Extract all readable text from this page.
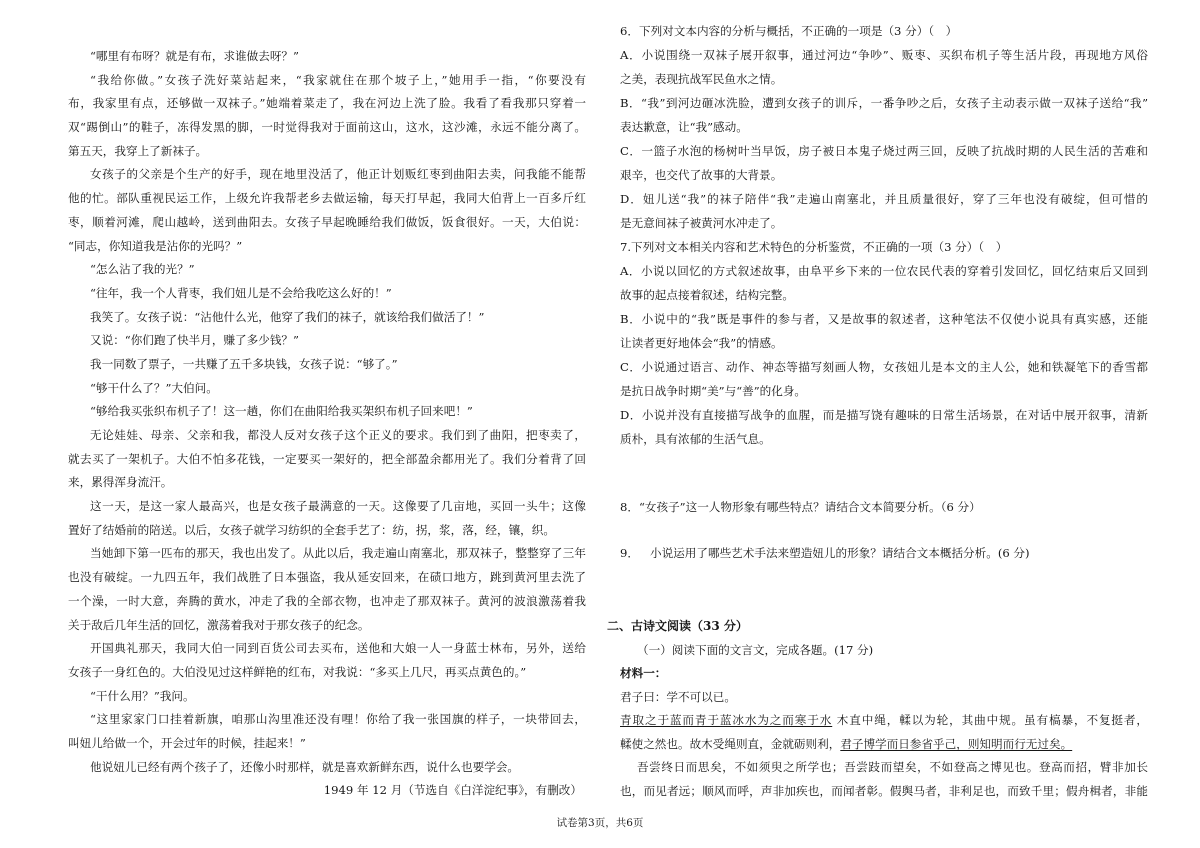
“哪里有布呀？就是有布，求谁做去呀？”
“我给你做。”女孩子洗好菜站起来，“我家就住在那个坡子上，”她用手一指，“你要没有
布，我家里有点，还够做一双袜子。”她端着菜走了，我在河边上洗了脸。我看了看我那只穿着一
双“踢倒山”的鞋子，冻得发黑的脚，一时觉得我对于面前这山，这水，这沙滩，永远不能分离了。
第五天，我穿上了新袜子。
女孩子的父亲是个生产的好手，现在地里没活了，他正计划贩红枣到曲阳去卖，问我能不能帮
他的忙。部队重视民运工作，上级允许我帮老乡去做运输，每天打早起，我同大伯背上一百多斤红
枣，顺着河滩，爬山越岭，送到曲阳去。女孩子早起晚睡给我们做饭，饭食很好。一天，大伯说：
“同志，你知道我是沾你的光吗？”
“怎么沾了我的光？”
“往年，我一个人背枣，我们妞儿是不会给我吃这么好的！”
我笑了。女孩子说：“沾他什么光，他穿了我们的袜子，就该给我们做活了！”
又说：“你们跑了快半月，赚了多少钱？”
我一同数了票子，一共赚了五千多块钱，女孩子说：“够了。”
“够干什么了？”大伯问。
“够给我买张织布机子了！这一趟，你们在曲阳给我买架织布机子回来吧！”
无论娃娃、母亲、父亲和我，都没人反对女孩子这个正义的要求。我们到了曲阳，把枣卖了，
就去买了一架机子。大伯不怕多花钱，一定要买一架好的，把全部盈余都用光了。我们分着背了回
来，累得浑身流汗。
这一天，是这一家人最高兴，也是女孩子最满意的一天。这像要了几亩地，买回一头牛；这像
置好了结婚前的陪送。以后，女孩子就学习纺织的全套手艺了：纺，拐，浆，落，经，镶，织。
当她卸下第一匹布的那天，我也出发了。从此以后，我走遍山南塞北，那双袜子，整整穿了三年
也没有破绽。一九四五年，我们战胜了日本强盗，我从延安回来，在碛口地方，跳到黄河里去洗了
一个澡，一时大意，奔腾的黄水，冲走了我的全部衣物，也冲走了那双袜子。黄河的波浪激荡着我
关于敌后几年生活的回忆，激荡着我对于那女孩子的纪念。
开国典礼那天，我同大伯一同到百货公司去买布，送他和大娘一人一身蓝士林布，另外，送给
女孩子一身红色的。大伯没见过这样鲜艳的红布，对我说：“多买上几尺，再买点黄色的。”
“干什么用？”我问。
“这里家家门口挂着新旗，咱那山沟里准还没有哩！你给了我一张国旗的样子，一块带回去，
叫妞儿给做一个，开会过年的时候，挂起来！”
他说妞儿已经有两个孩子了，还像小时那样，就是喜欢新鲜东西，说什么也要学会。
1949 年 12 月（节选自《白洋淀纪事》，有删改）
6．下列对文本内容的分析与概括，不正确的一项是（3 分）（　）
A．小说围绕一双袜子展开叙事，通过河边“争吵”、贩枣、买织布机子等生活片段，再现地方风俗
之美，表现抗战军民鱼水之情。
B．“我”到河边砸冰洗脸，遭到女孩子的训斥，一番争吵之后，女孩子主动表示做一双袜子送给“我”
表达歉意，让“我”感动。
C．一篮子水泡的杨树叶当早饭，房子被日本鬼子烧过两三回，反映了抗战时期的人民生活的苦难和
艰辛，也交代了故事的大背景。
D．妞儿送“我”的袜子陪伴“我”走遍山南塞北，并且质量很好，穿了三年也没有破绽，但可惜的
是无意间袜子被黄河水冲走了。
7.下列对文本相关内容和艺术特色的分析鉴赏，不正确的一项（3 分）（　）
A．小说以回忆的方式叙述故事，由阜平乡下来的一位农民代表的穿着引发回忆，回忆结束后又回到
故事的起点接着叙述，结构完整。
B．小说中的“我”既是事件的参与者，又是故事的叙述者，这种笔法不仅使小说具有真实感，还能
让读者更好地体会“我”的情感。
C．小说通过语言、动作、神态等描写刻画人物，女孩妞儿是本文的主人公，她和铁凝笔下的香雪都
是抗日战争时期“美”与“善”的化身。
D．小说并没有直接描写战争的血腥，而是描写饶有趣味的日常生活场景，在对话中展开叙事，清新
质朴，具有浓郁的生活气息。
8．“女孩子”这一人物形象有哪些特点？请结合文本简要分析。（6 分）
9． 小说运用了哪些艺术手法来塑造妞儿的形象？请结合文本概括分析。(6 分)
二、古诗文阅读（33 分）
（一）阅读下面的文言文，完成各题。(17 分)
材料一：
君子曰：学不可以已。
青取之于蓝而青于蓝冰水为之而寒于水 木直中绳，輮以为轮，其曲中规。虽有槁暴，不复挺者，
輮使之然也。故木受绳则直，金就砺则利，君子博学而日参省乎己，则知明而行无过矣。
吾尝终日而思矣，不如须臾之所学也；吾尝跂而望矣，不如登高之博见也。登高而招，臂非加长
也，而见者远；顺风而呼，声非加疾也，而闻者彰。假舆马者，非利足也，而致千里；假舟楫者，非能
试卷第3页，共6页
